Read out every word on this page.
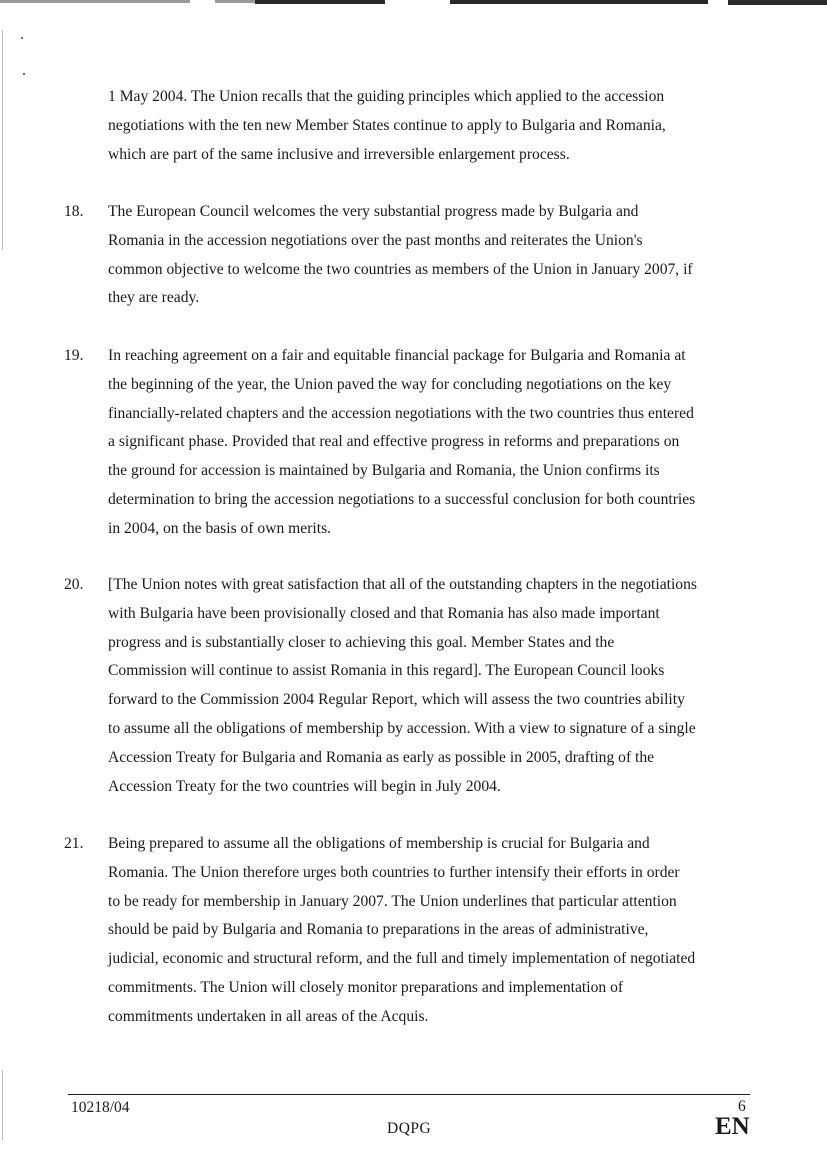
1 May 2004. The Union recalls that the guiding principles which applied to the accession
negotiations with the ten new Member States continue to apply to Bulgaria and Romania,
which are part of the same inclusive and irreversible enlargement process.
18. The European Council welcomes the very substantial progress made by Bulgaria and
Romania in the accession negotiations over the past months and reiterates the Union's
common objective to welcome the two countries as members of the Union in January 2007, if
they are ready.
19. In reaching agreement on a fair and equitable financial package for Bulgaria and Romania at
the beginning of the year, the Union paved the way for concluding negotiations on the key
financially-related chapters and the accession negotiations with the two countries thus entered
a significant phase. Provided that real and effective progress in reforms and preparations on
the ground for accession is maintained by Bulgaria and Romania, the Union confirms its
determination to bring the accession negotiations to a successful conclusion for both countries
in 2004, on the basis of own merits.
20. [The Union notes with great satisfaction that all of the outstanding chapters in the negotiations
with Bulgaria have been provisionally closed and that Romania has also made important
progress and is substantially closer to achieving this goal. Member States and the
Commission will continue to assist Romania in this regard]. The European Council looks
forward to the Commission 2004 Regular Report, which will assess the two countries ability
to assume all the obligations of membership by accession. With a view to signature of a single
Accession Treaty for Bulgaria and Romania as early as possible in 2005, drafting of the
Accession Treaty for the two countries will begin in July 2004.
21. Being prepared to assume all the obligations of membership is crucial for Bulgaria and
Romania. The Union therefore urges both countries to further intensify their efforts in order
to be ready for membership in January 2007. The Union underlines that particular attention
should be paid by Bulgaria and Romania to preparations in the areas of administrative,
judicial, economic and structural reform, and the full and timely implementation of negotiated
commitments. The Union will closely monitor preparations and implementation of
commitments undertaken in all areas of the Acquis.
10218/04
DQPG
6
EN
